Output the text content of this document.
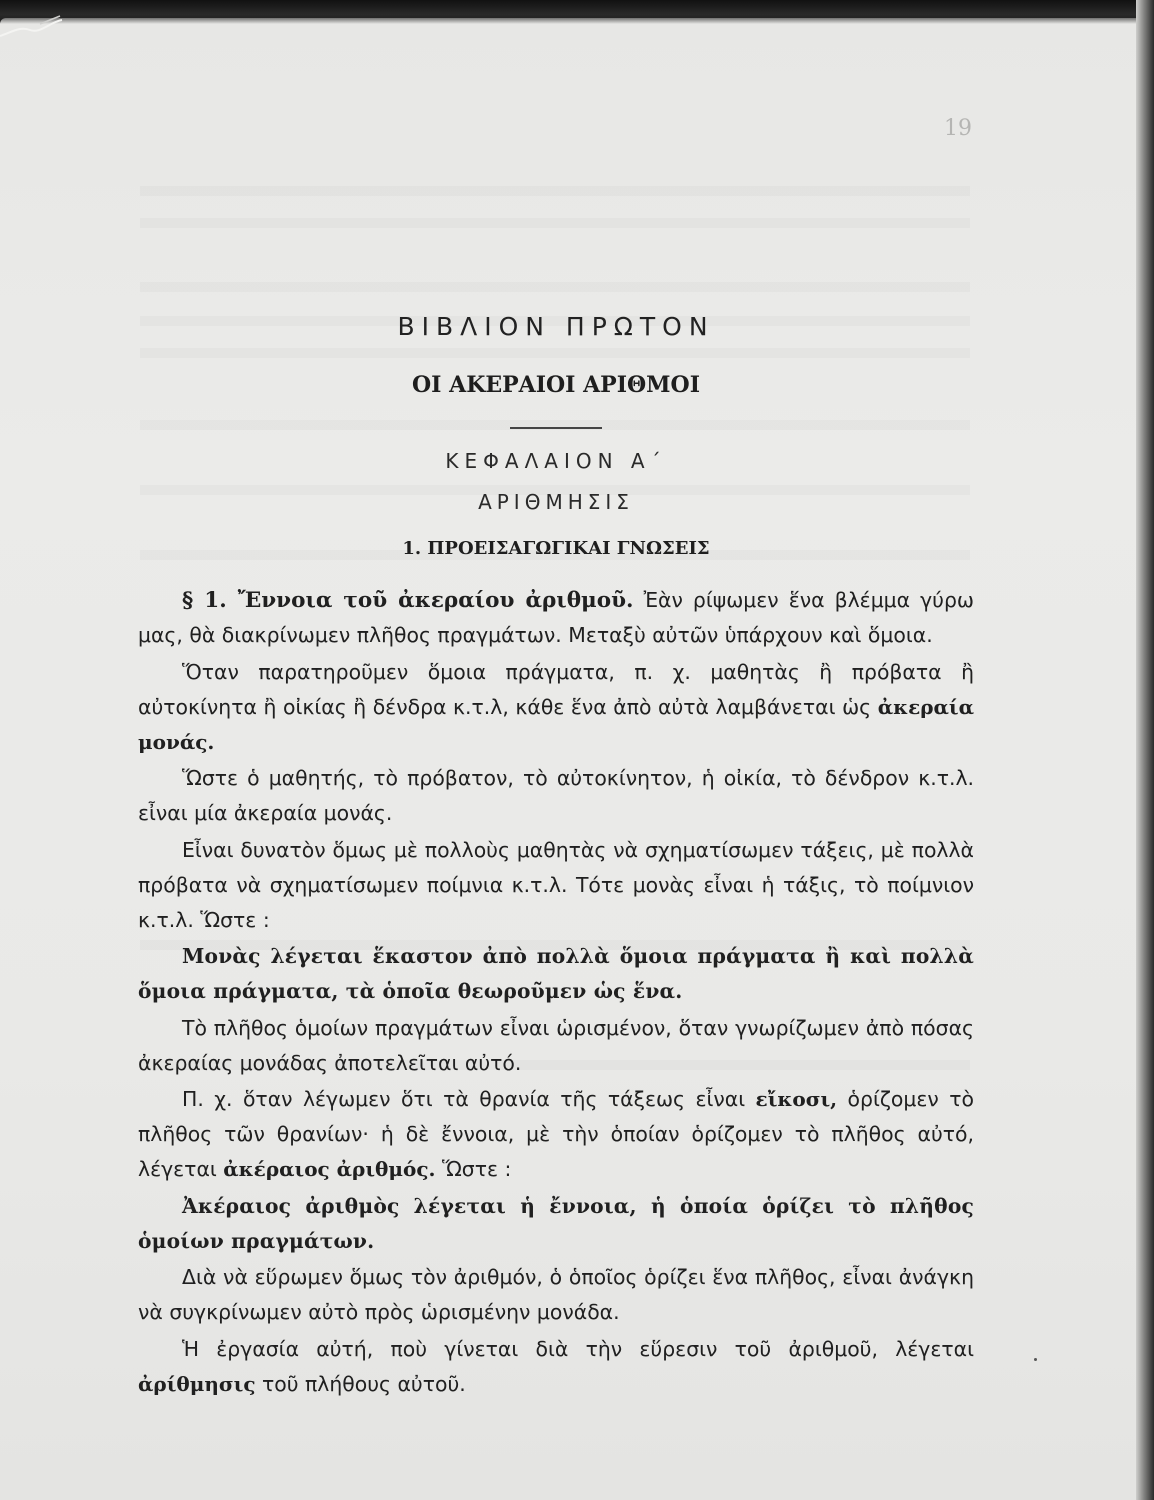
19
ΒΙΒΛΙΟΝ ΠΡΩΤΟΝ
ΟΙ ΑΚΕΡΑΙΟΙ ΑΡΙΘΜΟΙ
ΚΕΦΑΛΑΙΟΝ Α΄
ΑΡΙΘΜΗΣΙΣ
1. ΠΡΟΕΙΣΑΓΩΓΙΚΑΙ ΓΝΩΣΕΙΣ

§ 1. Ἔννοια τοῦ ἀκεραίου ἀριθμοῦ. Ἐὰν ρίψωμεν ἕνα βλέμμα γύρω μας, θὰ διακρίνωμεν πλῆθος πραγμάτων. Μεταξὺ αὐτῶν ὑπάρχουν καὶ ὅμοια.

Ὅταν παρατηροῦμεν ὅμοια πράγματα, π. χ. μαθητὰς ἢ πρόβατα ἢ αὐτοκίνητα ἢ οἰκίας ἢ δένδρα κ.τ.λ, κάθε ἕνα ἀπὸ αὐτὰ λαμβάνεται ὡς ἀκεραία μονάς.

Ὥστε ὁ μαθητής, τὸ πρόβατον, τὸ αὐτοκίνητον, ἡ οἰκία, τὸ δένδρον κ.τ.λ. εἶναι μία ἀκεραία μονάς.

Εἶναι δυνατὸν ὅμως μὲ πολλοὺς μαθητὰς νὰ σχηματίσωμεν τάξεις, μὲ πολλὰ πρόβατα νὰ σχηματίσωμεν ποίμνια κ.τ.λ. Τότε μονὰς εἶναι ἡ τάξις, τὸ ποίμνιον κ.τ.λ. Ὥστε :

Μονὰς λέγεται ἕκαστον ἀπὸ πολλὰ ὅμοια πράγματα ἢ καὶ πολλὰ ὅμοια πράγματα, τὰ ὁποῖα θεωροῦμεν ὡς ἕνα.

Τὸ πλῆθος ὁμοίων πραγμάτων εἶναι ὡρισμένον, ὅταν γνωρίζωμεν ἀπὸ πόσας ἀκεραίας μονάδας ἀποτελεῖται αὐτό.

Π. χ. ὅταν λέγωμεν ὅτι τὰ θρανία τῆς τάξεως εἶναι εἴκοσι, ὁρίζομεν τὸ πλῆθος τῶν θρανίων· ἡ δὲ ἔννοια, μὲ τὴν ὁποίαν ὁρίζομεν τὸ πλῆθος αὐτό, λέγεται ἀκέραιος ἀριθμός. Ὥστε :

Ἀκέραιος ἀριθμὸς λέγεται ἡ ἔννοια, ἡ ὁποία ὁρίζει τὸ πλῆθος ὁμοίων πραγμάτων.

Διὰ νὰ εὕρωμεν ὅμως τὸν ἀριθμόν, ὁ ὁποῖος ὁρίζει ἕνα πλῆθος, εἶναι ἀνάγκη νὰ συγκρίνωμεν αὐτὸ πρὸς ὡρισμένην μονάδα.

Ἡ ἐργασία αὐτή, ποὺ γίνεται διὰ τὴν εὕρεσιν τοῦ ἀριθμοῦ, λέγεται ἀρίθμησις τοῦ πλήθους αὐτοῦ.
